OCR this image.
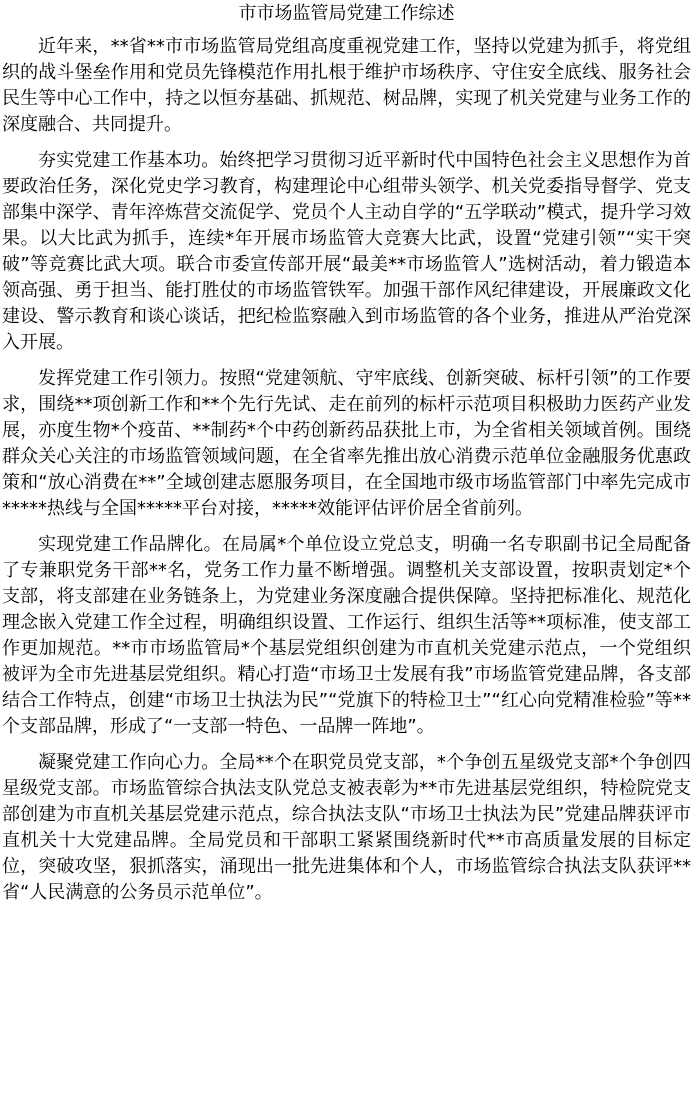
市市场监管局党建工作综述

近年来，**省**市市场监管局党组高度重视党建工作，坚持以党建为抓手，将党组织的战斗堡垒作用和党员先锋模范作用扎根于维护市场秩序、守住安全底线、服务社会民生等中心工作中，持之以恒夯基础、抓规范、树品牌，实现了机关党建与业务工作的深度融合、共同提升。

夯实党建工作基本功。始终把学习贯彻习近平新时代中国特色社会主义思想作为首要政治任务，深化党史学习教育，构建理论中心组带头领学、机关党委指导督学、党支部集中深学、青年淬炼营交流促学、党员个人主动自学的“五学联动”模式，提升学习效果。以大比武为抓手，连续*年开展市场监管大竞赛大比武，设置“党建引领”“实干突破”等竞赛比武大项。联合市委宣传部开展“最美**市场监管人”选树活动，着力锻造本领高强、勇于担当、能打胜仗的市场监管铁军。加强干部作风纪律建设，开展廉政文化建设、警示教育和谈心谈话，把纪检监察融入到市场监管的各个业务，推进从严治党深入开展。

发挥党建工作引领力。按照“党建领航、守牢底线、创新突破、标杆引领”的工作要求，围绕**项创新工作和**个先行先试、走在前列的标杆示范项目积极助力医药产业发展，亦度生物*个疫苗、**制药*个中药创新药品获批上市，为全省相关领域首例。围绕群众关心关注的市场监管领域问题，在全省率先推出放心消费示范单位金融服务优惠政策和“放心消费在**”全域创建志愿服务项目，在全国地市级市场监管部门中率先完成市*****热线与全国*****平台对接，*****效能评估评价居全省前列。

实现党建工作品牌化。在局属*个单位设立党总支，明确一名专职副书记全局配备了专兼职党务干部**名，党务工作力量不断增强。调整机关支部设置，按职责划定*个支部，将支部建在业务链条上，为党建业务深度融合提供保障。坚持把标准化、规范化理念嵌入党建工作全过程，明确组织设置、工作运行、组织生活等**项标准，使支部工作更加规范。**市市场监管局*个基层党组织创建为市直机关党建示范点，一个党组织被评为全市先进基层党组织。精心打造“市场卫士发展有我”市场监管党建品牌，各支部结合工作特点，创建“市场卫士执法为民”“党旗下的特检卫士”“红心向党精准检验”等**个支部品牌，形成了“一支部一特色、一品牌一阵地”。

凝聚党建工作向心力。全局**个在职党员党支部，*个争创五星级党支部*个争创四星级党支部。市场监管综合执法支队党总支被表彰为**市先进基层党组织，特检院党支部创建为市直机关基层党建示范点，综合执法支队“市场卫士执法为民”党建品牌获评市直机关十大党建品牌。全局党员和干部职工紧紧围绕新时代**市高质量发展的目标定位，突破攻坚，狠抓落实，涌现出一批先进集体和个人，市场监管综合执法支队获评**省“人民满意的公务员示范单位”。
